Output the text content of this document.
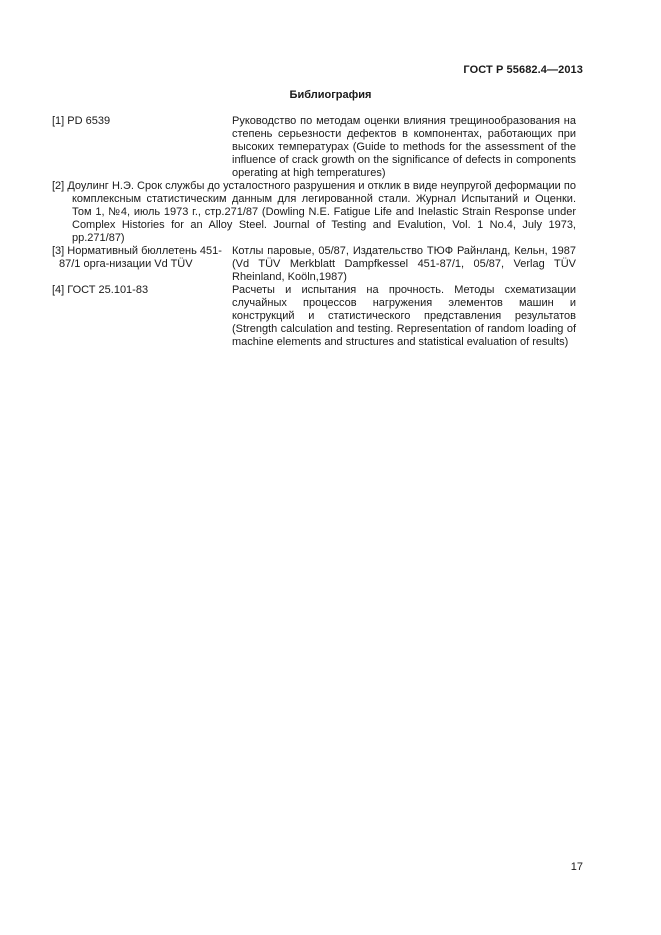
ГОСТ Р 55682.4—2013
Библиография
[1] PD 6539	Руководство по методам оценки влияния трещинообразования на степень серьезности дефектов в компонентах, работающих при высоких температурах (Guide to methods for the assessment of the influence of crack growth on the significance of defects in components operating at high temperatures)
[2] Доулинг Н.Э. Срок службы до усталостного разрушения и отклик в виде неупругой деформации по комплексным статистическим данным для легированной стали. Журнал Испытаний и Оценки. Том 1, №4, июль 1973 г., стр.271/87 (Dowling N.E. Fatigue Life and Inelastic Strain Response under Complex Histories for an Alloy Steel. Journal of Testing and Evalution, Vol. 1 No.4, July 1973, pp.271/87)
[3] Нормативный бюллетень 451-87/1 орга-низации Vd TÜV
Котлы паровые, 05/87, Издательство ТЮФ Райнланд, Кельн, 1987 (Vd TÜV Merkblatt Dampfkessel 451-87/1, 05/87, Verlag TÜV Rheinland, Koöln,1987)
[4] ГОСТ 25.101-83	Расчеты и испытания на прочность. Методы схематизации случайных процессов нагружения элементов машин и конструкций и статистического представления результатов (Strength calculation and testing. Representation of random loading of machine elements and structures and statistical evaluation of results)
17
